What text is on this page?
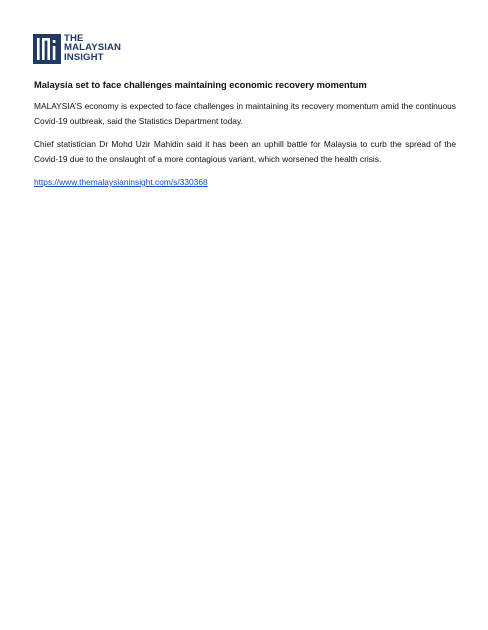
THE
MALAYSIAN
INSIGHT
Malaysia set to face challenges maintaining economic recovery momentum

MALAYSIA’S economy is expected to face challenges in maintaining its recovery momentum amid the continuous Covid-19 outbreak, said the Statistics Department today.

Chief statistician Dr Mohd Uzir Mahidin said it has been an uphill battle for Malaysia to curb the spread of the Covid-19 due to the onslaught of a more contagious variant, which worsened the health crisis.

https://www.themalaysianinsight.com/s/330368
